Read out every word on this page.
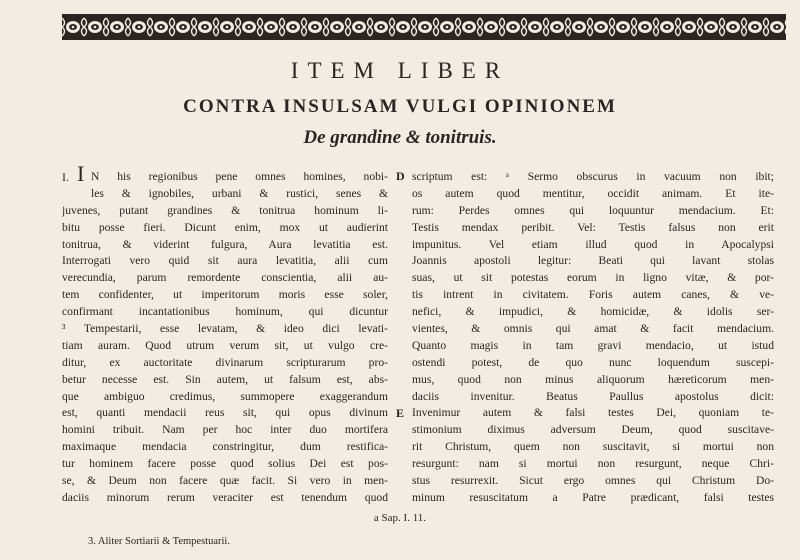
ITEM LIBER
CONTRA INSULSAM VULGI OPINIONEM
De grandine & tonitruis.
I. I N his regionibus pene omnes homines, nobi-
les & ignobiles, urbani & rustici, senes &
juvenes, putant grandines & tonitrua hominum li-
bitu posse fieri. Dicunt enim, mox ut audierint
tonitrua, & viderint fulgura, Aura levatitia est.
Interrogati vero quid sit aura levatitia, alii cum
verecundia, parum remordente conscientia, alii au-
tem confidenter, ut imperitorum moris esse soler,
confirmant incantationibus hominum, qui dicuntur
³ Tempestarii, esse levatam, & ideo dici levati-
tiam auram. Quod utrum verum sit, ut vulgo cre-
ditur, ex auctoritate divinarum scripturarum pro-
betur necesse est. Sin autem, ut falsum est, abs-
que ambiguo credimus, summopere exaggerandum
est, quanti mendacii reus sit, qui opus divinum
homini tribuit. Nam per hoc inter duo mortifera
maximaque mendacia constringitur, dum restifica-
tur hominem facere posse quod solius Dei est pos-
se, & Deum non facere quæ facit. Si vero in men-
daciis minorum rerum veraciter est tenendum quod
scriptum est: ᵃ Sermo obscurus in vacuum non ibit;
os autem quod mentitur, occidit animam. Et ite-
rum: Perdes omnes qui loquuntur mendacium. Et:
Testis mendax peribit. Vel: Testis falsus non erit
impunitus. Vel etiam illud quod in Apocalypsi
Joannis apostoli legitur: Beati qui lavant stolas
suas, ut sit potestas eorum in ligno vitæ, & por-
tis intrent in civitatem. Foris autem canes, & ve-
nefici, & impudici, & homicidæ, & idolis ser-
vientes, & omnis qui amat & facit mendacium.
Quanto magis in tam gravi mendacio, ut istud
ostendi potest, de quo nunc loquendum suscepi-
mus, quod non minus aliquorum hæreticorum men-
daciis invenitur. Beatus Paullus apostolus dicit:
Invenimur autem & falsi testes Dei, quoniam te-
stimonium diximus adversum Deum, quod suscitave-
rit Christum, quem non suscitavit, si mortui non
resurgunt: nam si mortui non resurgunt, neque Chri-
stus resurrexit. Sicut ergo omnes qui Christum Do-
minum resuscitatum a Patre prædicant, falsi testes
D
E
a Sap. I. 11.
3. Aliter Sortiarii & Tempestuarii.
